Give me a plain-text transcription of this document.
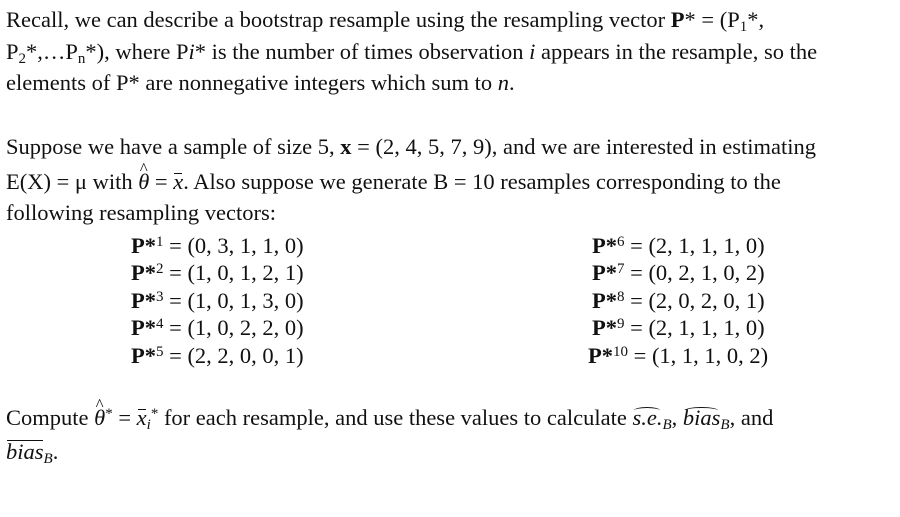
Recall, we can describe a bootstrap resample using the resampling vector $P* = (P_1*$,
$P_2*,\dots P_n*$), where Pi* is the number of times observation i appears in the resample, so the
elements of P* are nonnegative integers which sum to n.
Suppose we have a sample of size 5, x = (2, 4, 5, 7, 9), and we are interested in estimating
E(X) = μ with ^ θ = x. Also suppose we generate B = 10 resamples corresponding to the
following resampling vectors:
P*$^1$ = (0, 3, 1, 1, 0)
P*$^2$ = (1, 0, 1, 2, 1)
P*$^3$ = (1, 0, 1, 3, 0)
P*$^4$ = (1, 0, 2, 2, 0)
P*$^5$ = (2, 2, 0, 0, 1)
P*$^6$ = (2, 1, 1, 1, 0)
P*$^7$ = (0, 2, 1, 0, 2)
P*$^8$ = (2, 0, 2, 0, 1)
P*$^9$ = (2, 1, 1, 1, 0)
P*$^{10}$ = (1, 1, 1, 0, 2)
Compute ^ $\theta^* = x_i^*$ for each resample, and use these values to calculate $s.e._B$, bias$_B$, and
bias$_B$.
